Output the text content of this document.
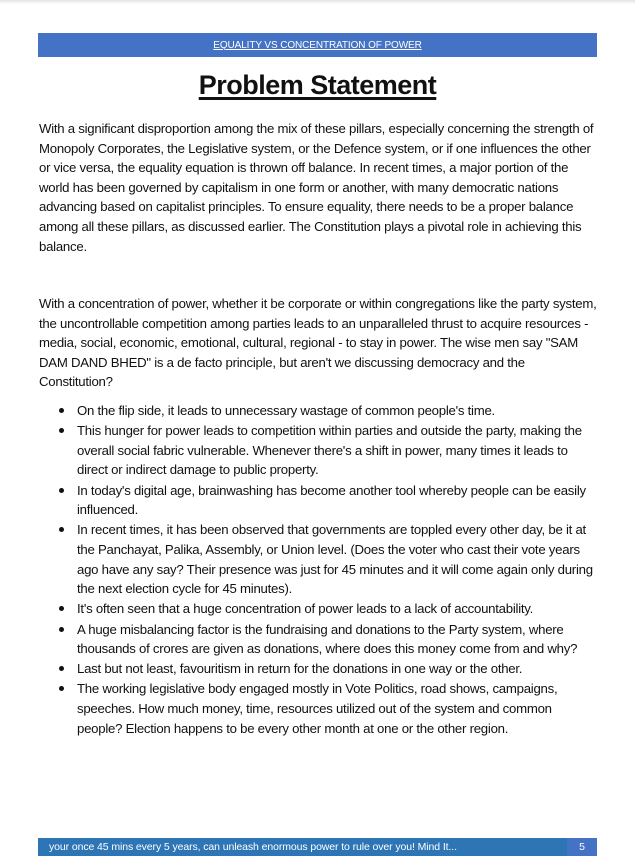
EQUALITY VS CONCENTRATION OF POWER
Problem Statement

With a significant disproportion among the mix of these pillars, especially concerning the strength of Monopoly Corporates, the Legislative system, or the Defence system, or if one influences the other or vice versa, the equality equation is thrown off balance. In recent times, a major portion of the world has been governed by capitalism in one form or another, with many democratic nations advancing based on capitalist principles. To ensure equality, there needs to be a proper balance among all these pillars, as discussed earlier. The Constitution plays a pivotal role in achieving this balance.

With a concentration of power, whether it be corporate or within congregations like the party system, the uncontrollable competition among parties leads to an unparalleled thrust to acquire resources - media, social, economic, emotional, cultural, regional - to stay in power. The wise men say "SAM DAM DAND BHED" is a de facto principle, but aren't we discussing democracy and the Constitution?

On the flip side, it leads to unnecessary wastage of common people's time.
This hunger for power leads to competition within parties and outside the party, making the overall social fabric vulnerable. Whenever there's a shift in power, many times it leads to direct or indirect damage to public property.
In today's digital age, brainwashing has become another tool whereby people can be easily influenced.
In recent times, it has been observed that governments are toppled every other day, be it at the Panchayat, Palika, Assembly, or Union level. (Does the voter who cast their vote years ago have any say? Their presence was just for 45 minutes and it will come again only during the next election cycle for 45 minutes).
It's often seen that a huge concentration of power leads to a lack of accountability.
A huge misbalancing factor is the fundraising and donations to the Party system, where thousands of crores are given as donations, where does this money come from and why?
Last but not least, favouritism in return for the donations in one way or the other.
The working legislative body engaged mostly in Vote Politics, road shows, campaigns, speeches. How much money, time, resources utilized out of the system and common people? Election happens to be every other month at one or the other region.
your once 45 mins every 5 years, can unleash enormous power to rule over you! Mind It...	5
